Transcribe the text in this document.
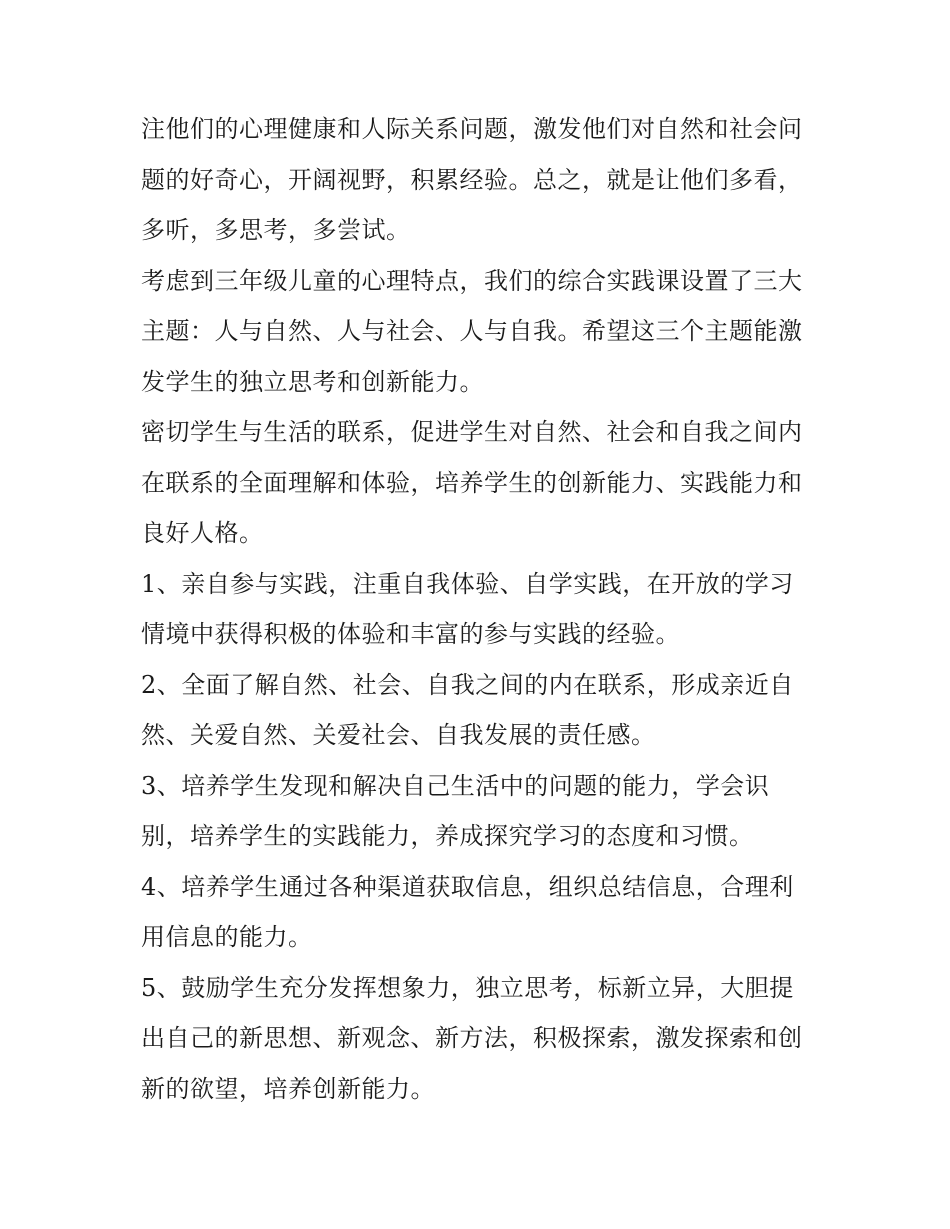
注他们的心理健康和人际关系问题，激发他们对自然和社会问
题的好奇心，开阔视野，积累经验。总之，就是让他们多看，
多听，多思考，多尝试。

考虑到三年级儿童的心理特点，我们的综合实践课设置了三大
主题：人与自然、人与社会、人与自我。希望这三个主题能激
发学生的独立思考和创新能力。

密切学生与生活的联系，促进学生对自然、社会和自我之间内
在联系的全面理解和体验，培养学生的创新能力、实践能力和
良好人格。

1、亲自参与实践，注重自我体验、自学实践，在开放的学习
情境中获得积极的体验和丰富的参与实践的经验。

2、全面了解自然、社会、自我之间的内在联系，形成亲近自
然、关爱自然、关爱社会、自我发展的责任感。

3、培养学生发现和解决自己生活中的问题的能力，学会识
别，培养学生的实践能力，养成探究学习的态度和习惯。

4、培养学生通过各种渠道获取信息，组织总结信息，合理利
用信息的能力。

5、鼓励学生充分发挥想象力，独立思考，标新立异，大胆提
出自己的新思想、新观念、新方法，积极探索，激发探索和创
新的欲望，培养创新能力。
